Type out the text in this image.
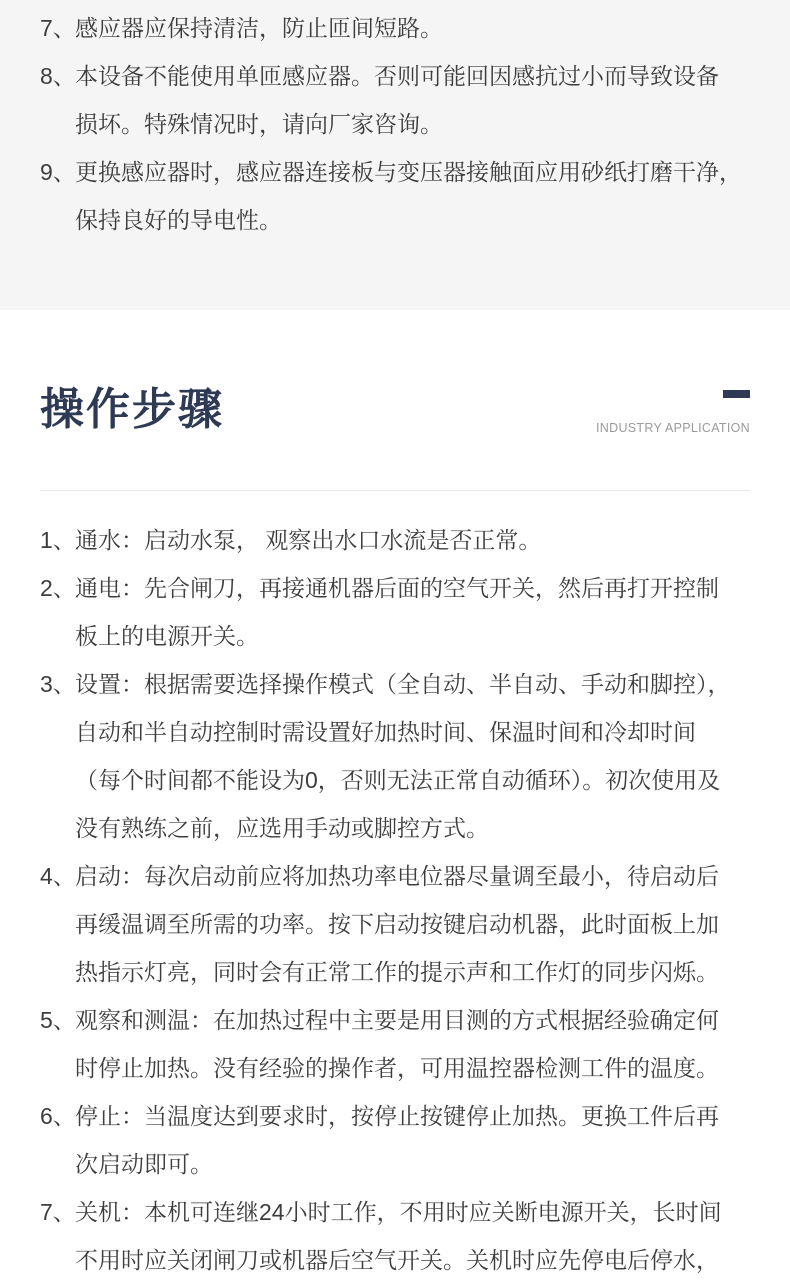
7、 感应器应保持清洁，防止匝间短路。
8、 本设备不能使用单匝感应器。否则可能回因感抗过小而导致设备
损坏。特殊情况时，请向厂家咨询。
9、 更换感应器时，感应器连接板与变压器接触面应用砂纸打磨干净，
保持良好的导电性。
操作步骤	INDUSTRY APPLICATION
1、 通水：启动水泵， 观察出水口水流是否正常。
2、 通电：先合闸刀，再接通机器后面的空气开关，然后再打开控制
板上的电源开关。
3、 设置：根据需要选择操作模式（全自动、半自动、手动和脚控），
自动和半自动控制时需设置好加热时间、保温时间和冷却时间
（每个时间都不能设为0，否则无法正常自动循环）。初次使用及
没有熟练之前，应选用手动或脚控方式。
4、 启动：每次启动前应将加热功率电位器尽量调至最小，待启动后
再缓温调至所需的功率。按下启动按键启动机器，此时面板上加
热指示灯亮，同时会有正常工作的提示声和工作灯的同步闪烁。
5、 观察和测温：在加热过程中主要是用目测的方式根据经验确定何
时停止加热。没有经验的操作者，可用温控器检测工件的温度。
6、 停止：当温度达到要求时，按停止按键停止加热。更换工件后再
次启动即可。
7、 关机：本机可连继24小时工作，不用时应关断电源开关，长时间
不用时应关闭闸刀或机器后空气开关。关机时应先停电后停水，
